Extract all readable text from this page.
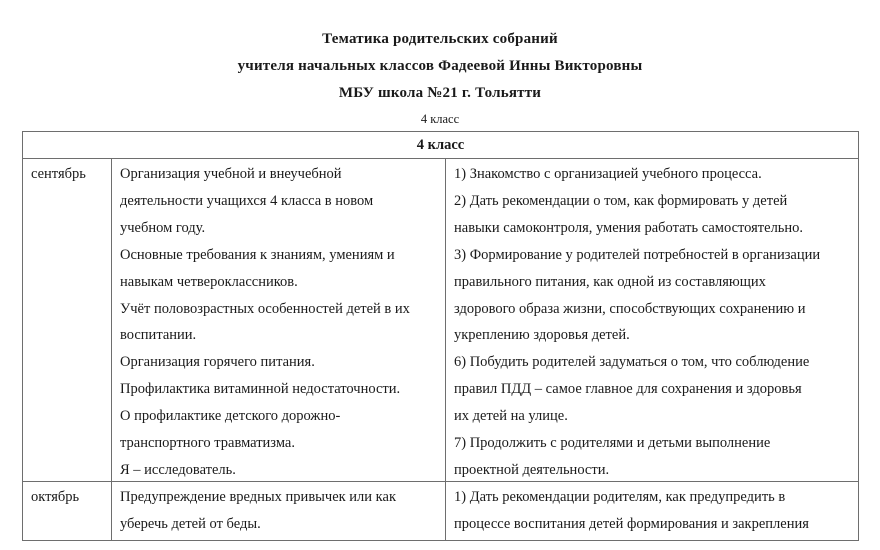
Тематика родительских собраний
учителя начальных классов Фадеевой Инны Викторовны
МБУ школа №21 г. Тольятти
4 класс
4 класс
сентябрь	Организация учебной и внеучебной
деятельности учащихся 4 класса в новом
учебном году.
Основные требования к знаниям, умениям и
навыкам четвероклассников.
Учёт половозрастных особенностей детей в их
воспитании.
Организация горячего питания.
Профилактика витаминной недостаточности.
О профилактике детского дорожно-
транспортного травматизма.
Я – исследователь.
1) Знакомство с организацией учебного процесса.
2) Дать рекомендации о том, как формировать у детей
навыки самоконтроля, умения работать самостоятельно.
3) Формирование у родителей потребностей в организации
правильного питания, как одной из составляющих
здорового образа жизни, способствующих сохранению и
укреплению здоровья детей.
6) Побудить родителей задуматься о том, что соблюдение
правил ПДД – самое главное для сохранения и здоровья
их детей на улице.
7) Продолжить с родителями и детьми выполнение
проектной деятельности.
октябрь	Предупреждение вредных привычек или как
уберечь детей от беды.
1) Дать рекомендации родителям, как предупредить в
процессе воспитания детей формирования и закрепления
